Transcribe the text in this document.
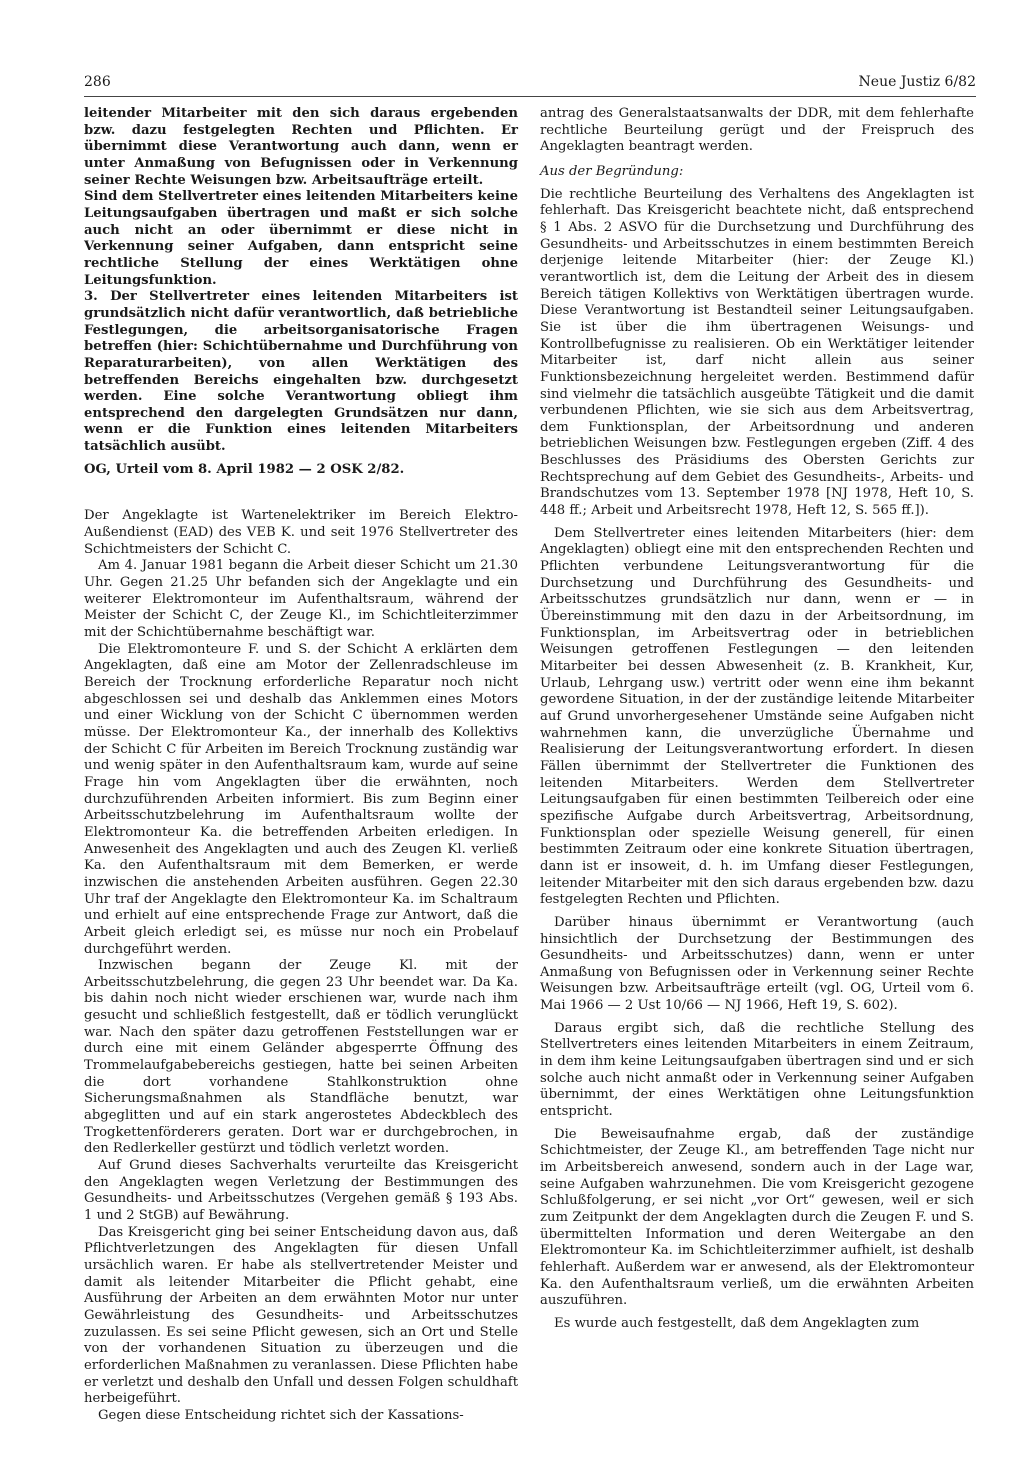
286	Neue Justiz 6/82

leitender Mitarbeiter mit den sich daraus ergebenden bzw. dazu festgelegten Rechten und Pflichten. Er übernimmt diese Verantwortung auch dann, wenn er unter Anmaßung von Befugnissen oder in Verkennung seiner Rechte Weisungen bzw. Arbeitsaufträge erteilt.

Sind dem Stellvertreter eines leitenden Mitarbeiters keine Leitungsaufgaben übertragen und maßt er sich solche auch nicht an oder übernimmt er diese nicht in Verkennung seiner Aufgaben, dann entspricht seine rechtliche Stellung der eines Werktätigen ohne Leitungsfunktion.

3. Der Stellvertreter eines leitenden Mitarbeiters ist grundsätzlich nicht dafür verantwortlich, daß betriebliche Festlegungen, die arbeitsorganisatorische Fragen betreffen (hier: Schichtübernahme und Durchführung von Reparaturarbeiten), von allen Werktätigen des betreffenden Bereichs eingehalten bzw. durchgesetzt werden. Eine solche Verantwortung obliegt ihm entsprechend den dargelegten Grundsätzen nur dann, wenn er die Funktion eines leitenden Mitarbeiters tatsächlich ausübt.

OG, Urteil vom 8. April 1982 — 2 OSK 2/82.

Der Angeklagte ist Wartenelektriker im Bereich Elektro-Außendienst (EAD) des VEB K. und seit 1976 Stellvertreter des Schichtmeisters der Schicht C.

Am 4. Januar 1981 begann die Arbeit dieser Schicht um 21.30 Uhr. Gegen 21.25 Uhr befanden sich der Angeklagte und ein weiterer Elektromonteur im Aufenthaltsraum, während der Meister der Schicht C, der Zeuge Kl., im Schichtleiterzimmer mit der Schichtübernahme beschäftigt war.

Die Elektromonteure F. und S. der Schicht A erklärten dem Angeklagten, daß eine am Motor der Zellenradschleuse im Bereich der Trocknung erforderliche Reparatur noch nicht abgeschlossen sei und deshalb das Anklemmen eines Motors und einer Wicklung von der Schicht C übernommen werden müsse. Der Elektromonteur Ka., der innerhalb des Kollektivs der Schicht C für Arbeiten im Bereich Trocknung zuständig war und wenig später in den Aufenthaltsraum kam, wurde auf seine Frage hin vom Angeklagten über die erwähnten, noch durchzuführenden Arbeiten informiert. Bis zum Beginn einer Arbeitsschutzbelehrung im Aufenthaltsraum wollte der Elektromonteur Ka. die betreffenden Arbeiten erledigen. In Anwesenheit des Angeklagten und auch des Zeugen Kl. verließ Ka. den Aufenthaltsraum mit dem Bemerken, er werde inzwischen die anstehenden Arbeiten ausführen. Gegen 22.30 Uhr traf der Angeklagte den Elektromonteur Ka. im Schaltraum und erhielt auf eine entsprechende Frage zur Antwort, daß die Arbeit gleich erledigt sei, es müsse nur noch ein Probelauf durchgeführt werden.

Inzwischen begann der Zeuge Kl. mit der Arbeitsschutzbelehrung, die gegen 23 Uhr beendet war. Da Ka. bis dahin noch nicht wieder erschienen war, wurde nach ihm gesucht und schließlich festgestellt, daß er tödlich verunglückt war. Nach den später dazu getroffenen Feststellungen war er durch eine mit einem Geländer abgesperrte Öffnung des Trommelaufgabebereichs gestiegen, hatte bei seinen Arbeiten die dort vorhandene Stahlkonstruktion ohne Sicherungsmaßnahmen als Standfläche benutzt, war abgeglitten und auf ein stark angerostetes Abdeckblech des Trogkettenförderers geraten. Dort war er durchgebrochen, in den Redlerkeller gestürzt und tödlich verletzt worden.

Auf Grund dieses Sachverhalts verurteilte das Kreisgericht den Angeklagten wegen Verletzung der Bestimmungen des Gesundheits- und Arbeitsschutzes (Vergehen gemäß § 193 Abs. 1 und 2 StGB) auf Bewährung.

Das Kreisgericht ging bei seiner Entscheidung davon aus, daß Pflichtverletzungen des Angeklagten für diesen Unfall ursächlich waren. Er habe als stellvertretender Meister und damit als leitender Mitarbeiter die Pflicht gehabt, eine Ausführung der Arbeiten an dem erwähnten Motor nur unter Gewährleistung des Gesundheits- und Arbeitsschutzes zuzulassen. Es sei seine Pflicht gewesen, sich an Ort und Stelle von der vorhandenen Situation zu überzeugen und die erforderlichen Maßnahmen zu veranlassen. Diese Pflichten habe er verletzt und deshalb den Unfall und dessen Folgen schuldhaft herbeigeführt.

Gegen diese Entscheidung richtet sich der Kassations-

antrag des Generalstaatsanwalts der DDR, mit dem fehlerhafte rechtliche Beurteilung gerügt und der Freispruch des Angeklagten beantragt werden.

Aus der Begründung:

Die rechtliche Beurteilung des Verhaltens des Angeklagten ist fehlerhaft. Das Kreisgericht beachtete nicht, daß entsprechend § 1 Abs. 2 ASVO für die Durchsetzung und Durchführung des Gesundheits- und Arbeitsschutzes in einem bestimmten Bereich derjenige leitende Mitarbeiter (hier: der Zeuge Kl.) verantwortlich ist, dem die Leitung der Arbeit des in diesem Bereich tätigen Kollektivs von Werktätigen übertragen wurde. Diese Verantwortung ist Bestandteil seiner Leitungsaufgaben. Sie ist über die ihm übertragenen Weisungs- und Kontrollbefugnisse zu realisieren. Ob ein Werktätiger leitender Mitarbeiter ist, darf nicht allein aus seiner Funktionsbezeichnung hergeleitet werden. Bestimmend dafür sind vielmehr die tatsächlich ausgeübte Tätigkeit und die damit verbundenen Pflichten, wie sie sich aus dem Arbeitsvertrag, dem Funktionsplan, der Arbeitsordnung und anderen betrieblichen Weisungen bzw. Festlegungen ergeben (Ziff. 4 des Beschlusses des Präsidiums des Obersten Gerichts zur Rechtsprechung auf dem Gebiet des Gesundheits-, Arbeits- und Brandschutzes vom 13. September 1978 [NJ 1978, Heft 10, S. 448 ff.; Arbeit und Arbeitsrecht 1978, Heft 12, S. 565 ff.]).

Dem Stellvertreter eines leitenden Mitarbeiters (hier: dem Angeklagten) obliegt eine mit den entsprechenden Rechten und Pflichten verbundene Leitungsverantwortung für die Durchsetzung und Durchführung des Gesundheits- und Arbeitsschutzes grundsätzlich nur dann, wenn er — in Übereinstimmung mit den dazu in der Arbeitsordnung, im Funktionsplan, im Arbeitsvertrag oder in betrieblichen Weisungen getroffenen Festlegungen — den leitenden Mitarbeiter bei dessen Abwesenheit (z. B. Krankheit, Kur, Urlaub, Lehrgang usw.) vertritt oder wenn eine ihm bekannt gewordene Situation, in der der zuständige leitende Mitarbeiter auf Grund unvorhergesehener Umstände seine Aufgaben nicht wahrnehmen kann, die unverzügliche Übernahme und Realisierung der Leitungsverantwortung erfordert. In diesen Fällen übernimmt der Stellvertreter die Funktionen des leitenden Mitarbeiters. Werden dem Stellvertreter Leitungsaufgaben für einen bestimmten Teilbereich oder eine spezifische Aufgabe durch Arbeitsvertrag, Arbeitsordnung, Funktionsplan oder spezielle Weisung generell, für einen bestimmten Zeitraum oder eine konkrete Situation übertragen, dann ist er insoweit, d. h. im Umfang dieser Festlegungen, leitender Mitarbeiter mit den sich daraus ergebenden bzw. dazu festgelegten Rechten und Pflichten.

Darüber hinaus übernimmt er Verantwortung (auch hinsichtlich der Durchsetzung der Bestimmungen des Gesundheits- und Arbeitsschutzes) dann, wenn er unter Anmaßung von Befugnissen oder in Verkennung seiner Rechte Weisungen bzw. Arbeitsaufträge erteilt (vgl. OG, Urteil vom 6. Mai 1966 — 2 Ust 10/66 — NJ 1966, Heft 19, S. 602).

Daraus ergibt sich, daß die rechtliche Stellung des Stellvertreters eines leitenden Mitarbeiters in einem Zeitraum, in dem ihm keine Leitungsaufgaben übertragen sind und er sich solche auch nicht anmaßt oder in Verkennung seiner Aufgaben übernimmt, der eines Werktätigen ohne Leitungsfunktion entspricht.

Die Beweisaufnahme ergab, daß der zuständige Schichtmeister, der Zeuge Kl., am betreffenden Tage nicht nur im Arbeitsbereich anwesend, sondern auch in der Lage war, seine Aufgaben wahrzunehmen. Die vom Kreisgericht gezogene Schlußfolgerung, er sei nicht „vor Ort“ gewesen, weil er sich zum Zeitpunkt der dem Angeklagten durch die Zeugen F. und S. übermittelten Information und deren Weitergabe an den Elektromonteur Ka. im Schichtleiterzimmer aufhielt, ist deshalb fehlerhaft. Außerdem war er anwesend, als der Elektromonteur Ka. den Aufenthaltsraum verließ, um die erwähnten Arbeiten auszuführen.

Es wurde auch festgestellt, daß dem Angeklagten zum
